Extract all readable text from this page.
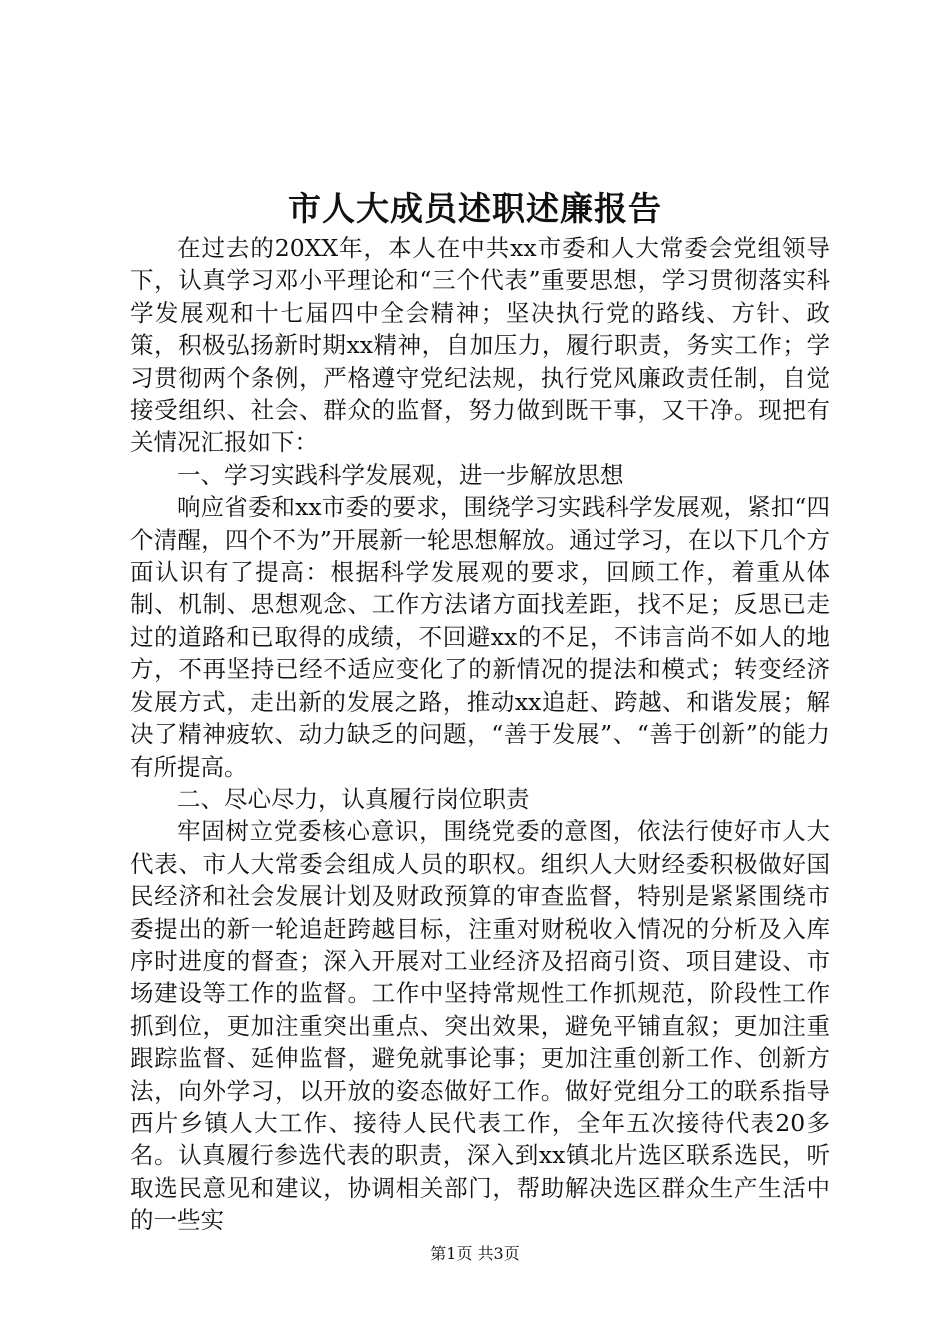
市人大成员述职述廉报告

在过去的20XX年，本人在中共xx市委和人大常委会党组领导下，认真学习邓小平理论和“三个代表”重要思想，学习贯彻落实科学发展观和十七届四中全会精神；坚决执行党的路线、方针、政策，积极弘扬新时期xx精神，自加压力，履行职责，务实工作；学习贯彻两个条例，严格遵守党纪法规，执行党风廉政责任制，自觉接受组织、社会、群众的监督，努力做到既干事，又干净。现把有关情况汇报如下：

一、学习实践科学发展观，进一步解放思想

响应省委和xx市委的要求，围绕学习实践科学发展观，紧扣“四个清醒，四个不为”开展新一轮思想解放。通过学习，在以下几个方面认识有了提高：根据科学发展观的要求，回顾工作，着重从体制、机制、思想观念、工作方法诸方面找差距，找不足；反思已走过的道路和已取得的成绩，不回避xx的不足，不讳言尚不如人的地方，不再坚持已经不适应变化了的新情况的提法和模式；转变经济发展方式，走出新的发展之路，推动xx追赶、跨越、和谐发展；解决了精神疲软、动力缺乏的问题，“善于发展”、“善于创新”的能力有所提高。

二、尽心尽力，认真履行岗位职责

牢固树立党委核心意识，围绕党委的意图，依法行使好市人大代表、市人大常委会组成人员的职权。组织人大财经委积极做好国民经济和社会发展计划及财政预算的审查监督，特别是紧紧围绕市委提出的新一轮追赶跨越目标，注重对财税收入情况的分析及入库序时进度的督查；深入开展对工业经济及招商引资、项目建设、市场建设等工作的监督。工作中坚持常规性工作抓规范，阶段性工作抓到位，更加注重突出重点、突出效果，避免平铺直叙；更加注重跟踪监督、延伸监督，避免就事论事；更加注重创新工作、创新方法，向外学习，以开放的姿态做好工作。做好党组分工的联系指导西片乡镇人大工作、接待人民代表工作，全年五次接待代表20多名。认真履行参选代表的职责，深入到xx镇北片选区联系选民，听取选民意见和建议，协调相关部门，帮助解决选区群众生产生活中的一些实

第1页 共3页
